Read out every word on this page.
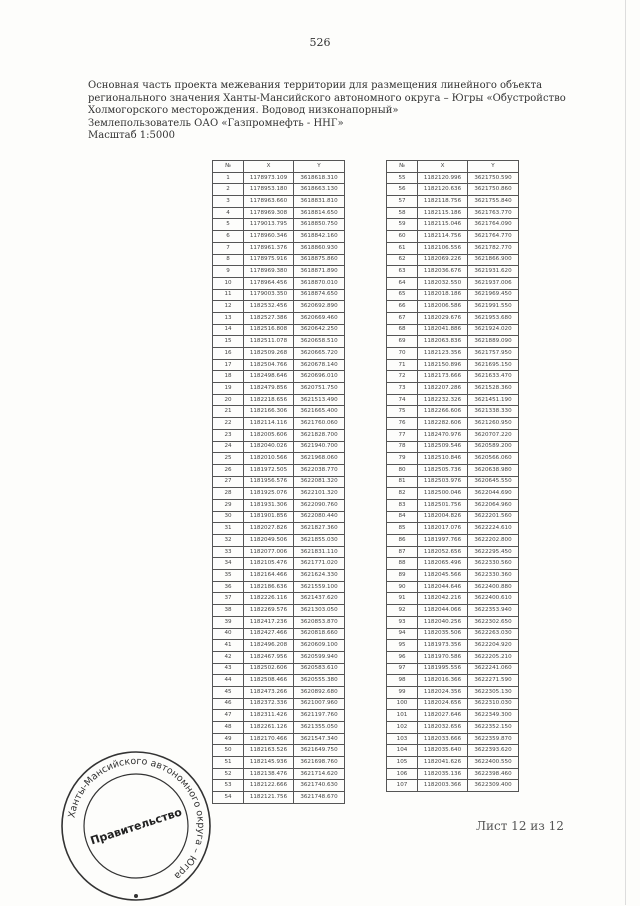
526
Основная часть проекта межевания территории для размещения линейного объекта
регионального значения Ханты-Мансийского автономного округа – Югры «Обустройство
Холмогорского месторождения. Водовод низконапорный»
Землепользователь ОАО «Газпромнефть - ННГ»
Масштаб 1:5000
№	X	Y
1	1178973.109	3618618.310
2	1178953.180	3618663.130
3	1178963.660	3618831.810
4	1178969.308	3618814.650
5	1179013.795	3618850.750
6	1178960.346	3618842.160
7	1178961.376	3618860.930
8	1178975.916	3618875.860
9	1178969.380	3618871.890
10	1178964.456	3618870.010
11	1179003.350	3618874.650
12	1182532.456	3620692.890
13	1182527.386	3620669.460
14	1182516.808	3620642.250
15	1182511.078	3620658.510
16	1182509.268	3620665.720
17	1182504.766	3620678.140
18	1182498.646	3620696.010
19	1182479.856	3620751.750
20	1182218.656	3621513.490
21	1182166.306	3621665.400
22	1182114.116	3621760.060
23	1182005.606	3621828.700
24	1182040.026	3621940.700
25	1182010.566	3621968.060
26	1181972.505	3622038.770
27	1181956.576	3622081.320
28	1181925.076	3622101.320
29	1181931.306	3622090.760
30	1181901.856	3622080.440
31	1182027.826	3621827.360
32	1182049.506	3621855.030
33	1182077.006	3621831.110
34	1182105.476	3621771.020
35	1182164.466	3621624.330
36	1182186.636	3621559.100
37	1182226.116	3621437.620
38	1182269.576	3621303.050
39	1182417.236	3620853.870
40	1182427.466	3620818.660
41	1182496.208	3620609.100
42	1182467.956	3620599.940
43	1182502.606	3620583.610
44	1182508.466	3620555.380
45	1182473.266	3620892.680
46	1182372.336	3621007.960
47	1182311.426	3621197.760
48	1182261.126	3621355.050
49	1182170.466	3621547.340
50	1182163.526	3621649.750
51	1182145.936	3621698.760
52	1182138.476	3621714.620
53	1182122.666	3621740.630
54	1182121.756	3621748.670
№	X	Y
55	1182120.996	3621750.590
56	1182120.636	3621750.860
57	1182118.756	3621755.840
58	1182115.186	3621763.770
59	1182115.046	3621764.090
60	1182114.756	3621764.770
61	1182106.556	3621782.770
62	1182069.226	3621866.900
63	1182036.676	3621931.620
64	1182032.550	3621937.006
65	1182018.186	3621969.450
66	1182006.586	3621991.550
67	1182029.676	3621953.680
68	1182041.886	3621924.020
69	1182063.836	3621889.090
70	1182123.356	3621757.950
71	1182150.896	3621695.150
72	1182173.666	3621633.470
73	1182207.286	3621528.360
74	1182232.326	3621451.190
75	1182266.606	3621338.330
76	1182282.606	3621260.950
77	1182470.976	3620707.220
78	1182509.546	3620589.200
79	1182510.846	3620566.060
80	1182505.736	3620638.980
81	1182503.976	3620645.550
82	1182500.046	3622044.690
83	1182501.756	3622064.960
84	1182004.826	3622201.560
85	1182017.076	3622224.610
86	1181997.766	3622202.800
87	1182052.656	3622295.450
88	1182065.496	3622330.560
89	1182045.566	3622330.360
90	1182044.646	3622400.880
91	1182042.216	3622400.610
92	1182044.066	3622353.940
93	1182040.256	3622302.650
94	1182035.506	3622263.030
95	1181973.356	3622204.920
96	1181970.586	3622205.210
97	1181995.556	3622241.060
98	1182016.366	3622271.590
99	1182024.356	3622305.130
100	1182024.656	3622310.030
101	1182027.646	3622349.300
102	1182032.656	3622352.150
103	1182033.666	3622359.870
104	1182035.640	3622393.620
105	1182041.626	3622400.550
106	1182035.136	3622398.460
107	1182003.366	3622309.400
Ханты-Мансийского автономного округа – Югра
Правительство	Лист 12 из 12
